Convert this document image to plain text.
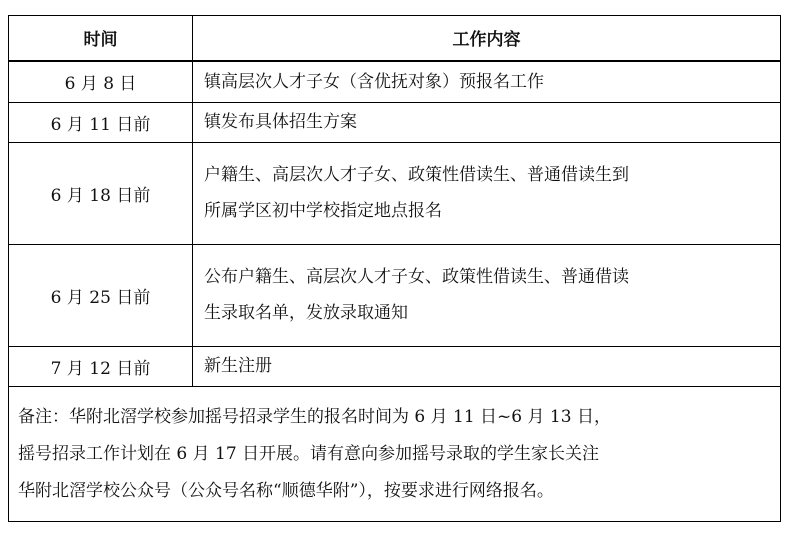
时间	工作内容
6 月 8 日	镇高层次人才子女（含优抚对象）预报名工作

6 月 11 日前	镇发布具体招生方案

6 月 18 日前	户籍生、高层次人才子女、政策性借读生、普通借读生到
所属学区初中学校指定地点报名

6 月 25 日前	公布户籍生、高层次人才子女、政策性借读生、普通借读
生录取名单，发放录取通知

7 月 12 日前	新生注册

备注：华附北滘学校参加摇号招录学生的报名时间为 6 月 11 日~6 月 13 日，
摇号招录工作计划在 6 月 17 日开展。请有意向参加摇号录取的学生家长关注
华附北滘学校公众号（公众号名称“顺德华附”），按要求进行网络报名。	
